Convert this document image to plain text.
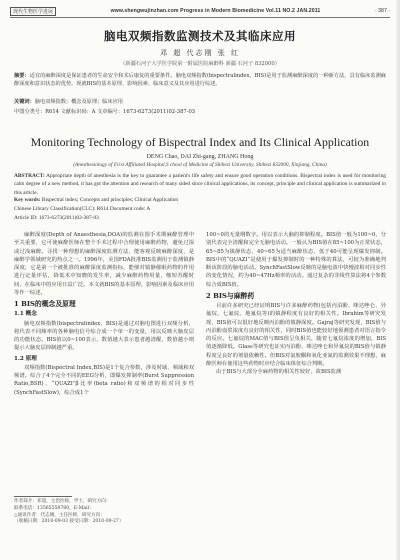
现代生物医学进展	www.shengwujinzhan.com Progress in Modern Biomedicine Vol.11 NO.2 JAN.2011	· 387 ·
脑电双频指数监测技术及其临床应用
邓 超 代志刚 张 红
（新疆石河子大学医学院第一附属医院麻醉科 新疆 石河子 832000）
摘要：适宜的麻醉深度是保证患者的生命安全和术后康复的重要条件。脑电双频指数(bispectralindex，BIS)是用于监测麻醉深度的一种新方法，具有临床监测麻醉深度和意识状态的优势。现就BIS的基本原理、影响因素、临床意义及其应用进行综述。
关键词：脑电双频指数；概念及原理；临床应用
中图分类号：R614 文献标识码：A 文章编号：1673-6273(2011)02-387-03
Monitoring Technology of Bispectral Index and Its Clinical Application
DENG Chao, DAI Zhi-gang, ZHANG Hong
(Anesthesiology of First Affiliated Hospital,S chool of Medicine of Shihezi University, Shihezi 832000, Xinjiang, China)
ABSTRACT: Appropriate depth of anesthesia is the key to guarantee a patient's life safety and ensure good operation conditions. Bispectral index is used for monitoring calm degree of a new method, it has got the attention and research of many sided since clinical applications, its concept, principle and clinical application is summarized in this article.
Key words: Bispectral index; Concepts and principles; Clinical Application
Chinese Library Classification(CLC): R614 Document code: A
Article ID: 1673-6273(2011)02-387-03

麻醉深度(Depth of Anaesthesia,DOA)的监测在围手术期麻醉管理中至关重要，它可使麻醉医师在整个手术过程中合理使用麻醉药物，避免过深或过浅麻醉。寻找一种理想的麻醉深度监测方法，能客观反映麻醉深度，是麻醉学领域研究的热点之一。1996年，美国FDA批准BIS监测用于监测镇静深度，它是第一个被批准的麻醉深度监测指标，能够对镇静催眠药物的作用进行定量评估，降低术中知晓的发生率，减少麻醉药物用量，缩短苏醒时间，在临床中的应用日益广泛。本文就BIS的基本原理、影响因素及临床应用等作一综述。

1 BIS的概念及原理
1.1 概念

脑电双频指数(bispectralindex，BIS)是通过对脑电图进行双频分析，将代表不同频率的各种脑电信号综合成一个单一的变量，用以反映大脑皮层的功能状态。BIS值以0~100表示，数值越大表示患者越清醒，数值越小则提示大脑皮层抑制越严重。

1.2 原理

双频指数(Bispectral Index,BIS)是1个复合参数，涉及时域、频域和双频谱。综合了4个完全不同的EEG分析，即爆发抑制率(Burst Suppression Ratio,BSR)、“QUAZI”β比率(beta ratio)和双频谱的相对同步性(SynchFastSlow)，综合成1个

100~0的无量纲数字。用以表示大脑的抑制程度。BIS值一般为100~0，分别代表完全清醒和完全无脑电活动。一般认为BIS值在85~100为正常状态，65~85为镇静状态，40~65为适当麻醉状态，低于40可能呈现爆发抑制。BIS中的“QUAZI”是使用于爆发抑制时的一种特殊的算法，可较为准确地判断该阶段的脑电活动。SynchFastSlow反映的是脑电波中快慢波相对同步性的变化情况，约为40~47Hz频率的活动。通过复杂的非线性算法将4个参数综合成BIS值。

2 BIS与麻醉药

目前许多研究已经证明BIS与许多麻醉药物(包括丙泊酚、咪达唑仑、异氟烷、七氟烷、地氟烷等)的镇静程度有良好的相关性。Ibrahim等研究发现，BIS值可以很好地反映丙泊酚的镇静深度。Gajraj等研究发现，BIS值与丙泊酚血浆浓度有良好的相关性，同时BIS值也能较好地预测患者对语言指令的反应。七氟烷的MAC值与BIS值呈负相关，随着七氟烷浓度的增加，BIS值逐渐降低。Glass等研究也证实丙泊酚、咪达唑仑和异氟烷的BIS值与镇静程度呈良好的剂量依赖性。但BIS对氯胺酮和氧化亚氮的监测效果不理想，麻醉医师在使用这些药物时应结合临床体征综合判断。

由于BIS与大部分全麻药物的相关性较好，故BIS监测

作者简介：邓超，主治医师，学士，研究方向：
联系电话：13565558780，E-Mail：
△通讯作者：代志刚，主任医师，研究方向：
（收稿日期：2010-09-03 接受日期：2010-09-27）
